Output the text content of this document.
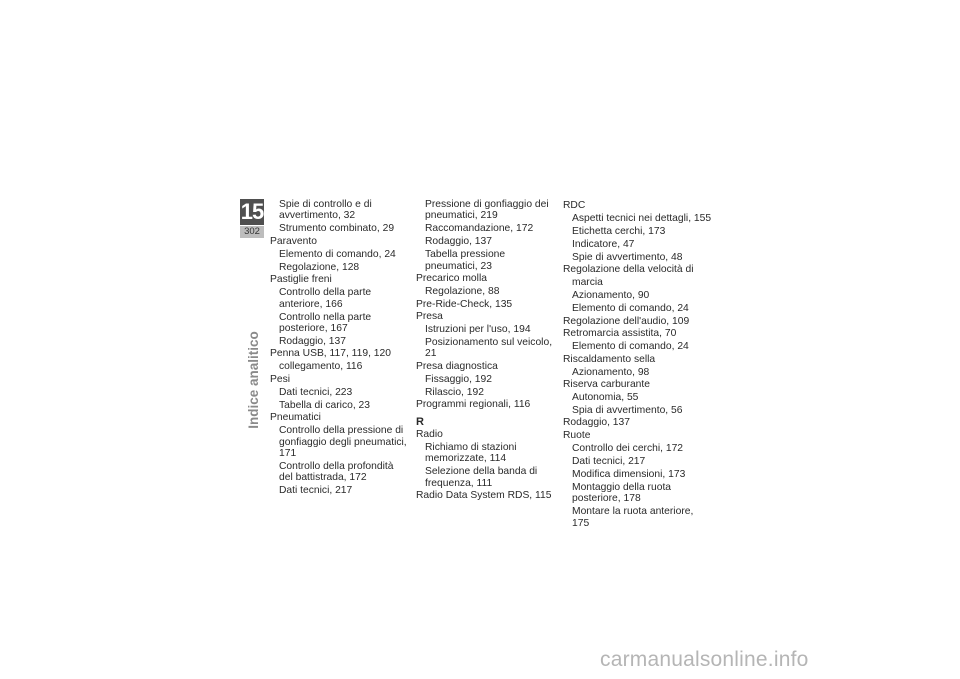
15
302
Indice analitico
Spie di controllo e di avvertimento, 32
Strumento combinato, 29
Paravento
Elemento di comando, 24
Regolazione, 128
Pastiglie freni
Controllo della parte anteriore, 166
Controllo nella parte posteriore, 167
Rodaggio, 137
Penna USB, 117, 119, 120
collegamento, 116
Pesi
Dati tecnici, 223
Tabella di carico, 23
Pneumatici
Controllo della pressione di gonfiaggio degli pneumatici, 171
Controllo della profondità del battistrada, 172
Dati tecnici, 217
Pressione di gonfiaggio dei pneumatici, 219
Raccomandazione, 172
Rodaggio, 137
Tabella pressione pneumatici, 23
Precarico molla
Regolazione, 88
Pre-Ride-Check, 135
Presa
Istruzioni per l'uso, 194
Posizionamento sul veicolo, 21
Presa diagnostica
Fissaggio, 192
Rilascio, 192
Programmi regionali, 116
R
Radio
Richiamo di stazioni memorizzate, 114
Selezione della banda di frequenza, 111
Radio Data System RDS, 115
RDC
Aspetti tecnici nei dettagli, 155
Etichetta cerchi, 173
Indicatore, 47
Spie di avvertimento, 48
Regolazione della velocità di
marcia
Azionamento, 90
Elemento di comando, 24
Regolazione dell'audio, 109
Retromarcia assistita, 70
Elemento di comando, 24
Riscaldamento sella
Azionamento, 98
Riserva carburante
Autonomia, 55
Spia di avvertimento, 56
Rodaggio, 137
Ruote
Controllo dei cerchi, 172
Dati tecnici, 217
Modifica dimensioni, 173
Montaggio della ruota posteriore, 178
Montare la ruota anteriore, 175
carmanualsonline.info
